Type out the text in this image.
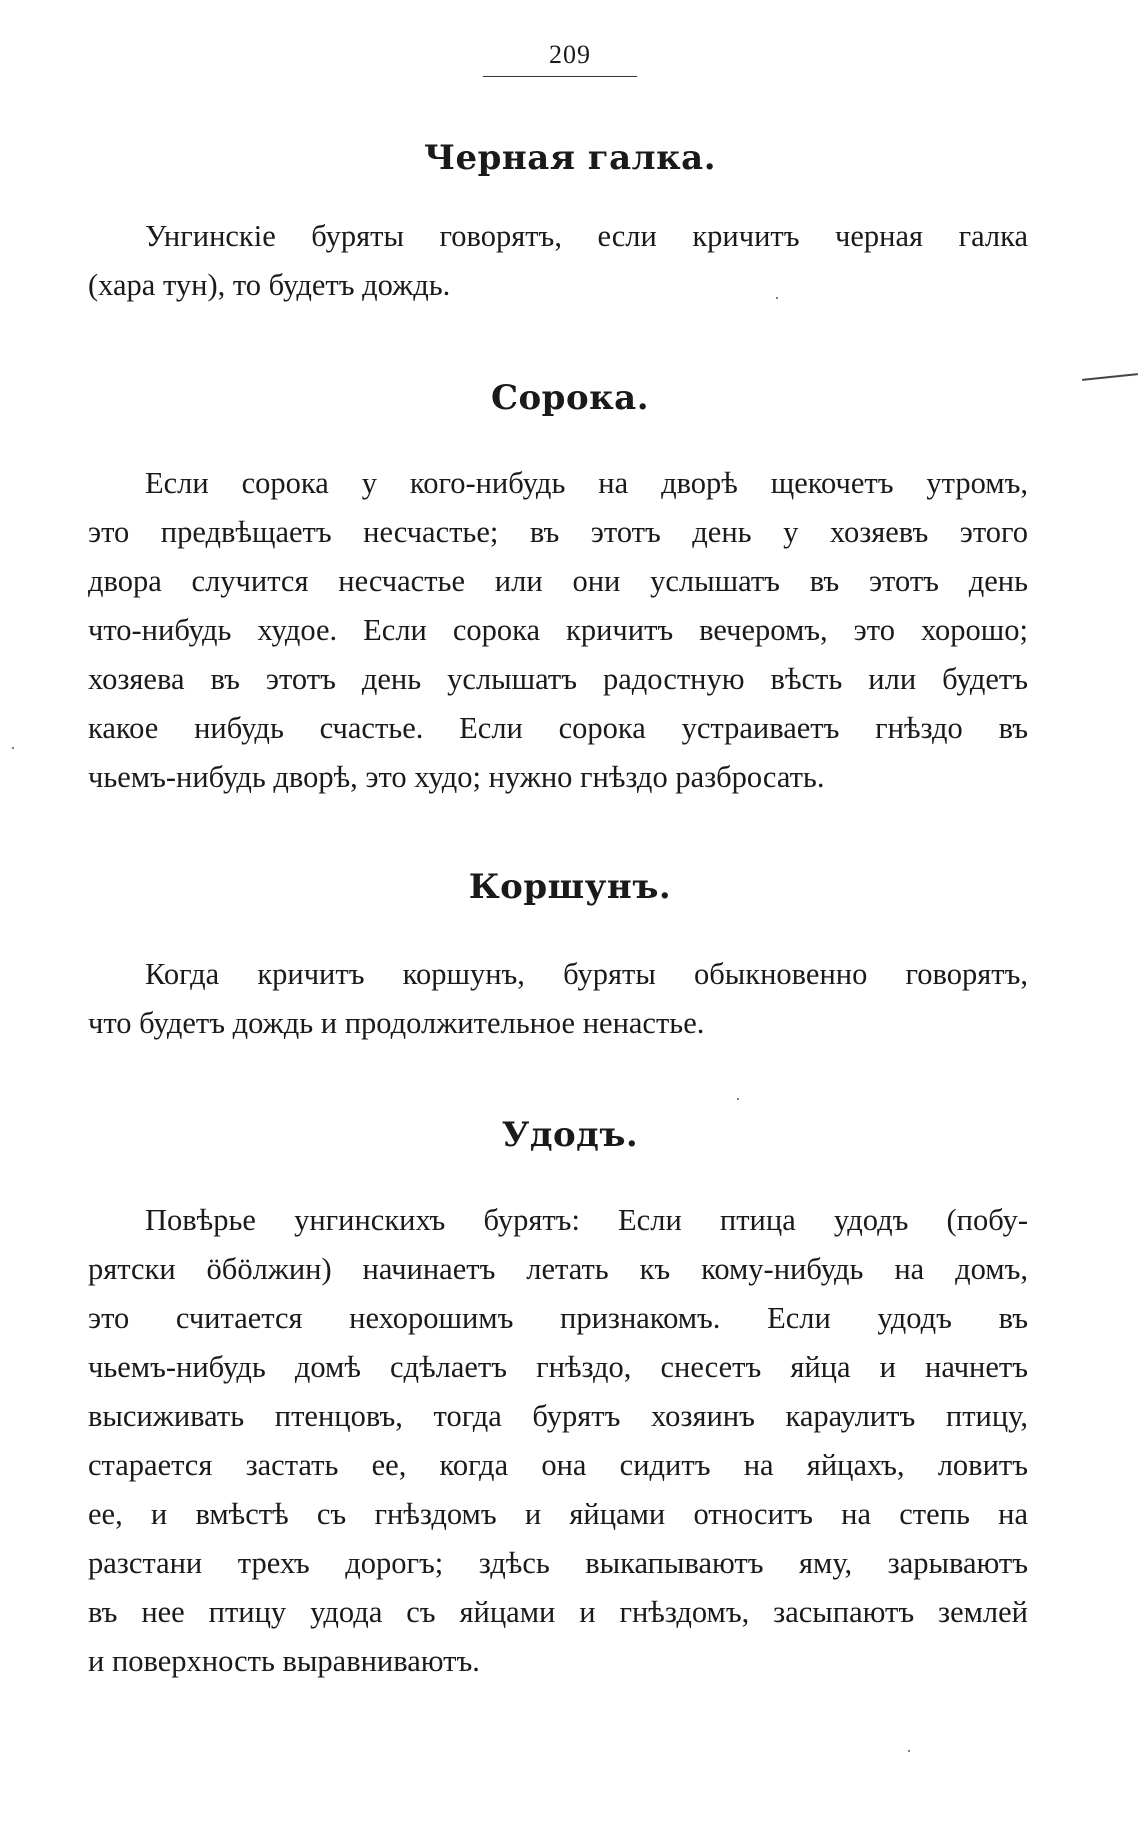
209
Черная галка.
Унгинскіе буряты говорятъ, если кричитъ черная галка
(хара тун), то будетъ дождь.
Сорока.
Если сорока у кого-нибудь на дворѣ щекочетъ утромъ,
это предвѣщаетъ несчастье; въ этотъ день у хозяевъ этого
двора случится несчастье или они услышатъ въ этотъ день
что-нибудь худое. Если сорока кричитъ вечеромъ, это хорошо;
хозяева въ этотъ день услышатъ радостную вѣсть или будетъ
какое нибудь счастье. Если сорока устраиваетъ гнѣздо въ
чьемъ-нибудь дворѣ, это худо; нужно гнѣздо разбросать.
Коршунъ.
Когда кричитъ коршунъ, буряты обыкновенно говорятъ,
что будетъ дождь и продолжительное ненастье.
Удодъ.
Повѣрье унгинскихъ бурятъ: Если птица удодъ (побу-
рятски ӧбӧлжин) начинаетъ летать къ кому-нибудь на домъ,
это считается нехорошимъ признакомъ. Если удодъ въ
чьемъ-нибудь домѣ сдѣлаетъ гнѣздо, снесетъ яйца и начнетъ
высиживать птенцовъ, тогда бурятъ хозяинъ караулитъ птицу,
старается застать ее, когда она сидитъ на яйцахъ, ловитъ
ее, и вмѣстѣ съ гнѣздомъ и яйцами относитъ на степь на
разстани трехъ дорогъ; здѣсь выкапываютъ яму, зарываютъ
въ нее птицу удода съ яйцами и гнѣздомъ, засыпаютъ землей
и поверхность выравниваютъ.
